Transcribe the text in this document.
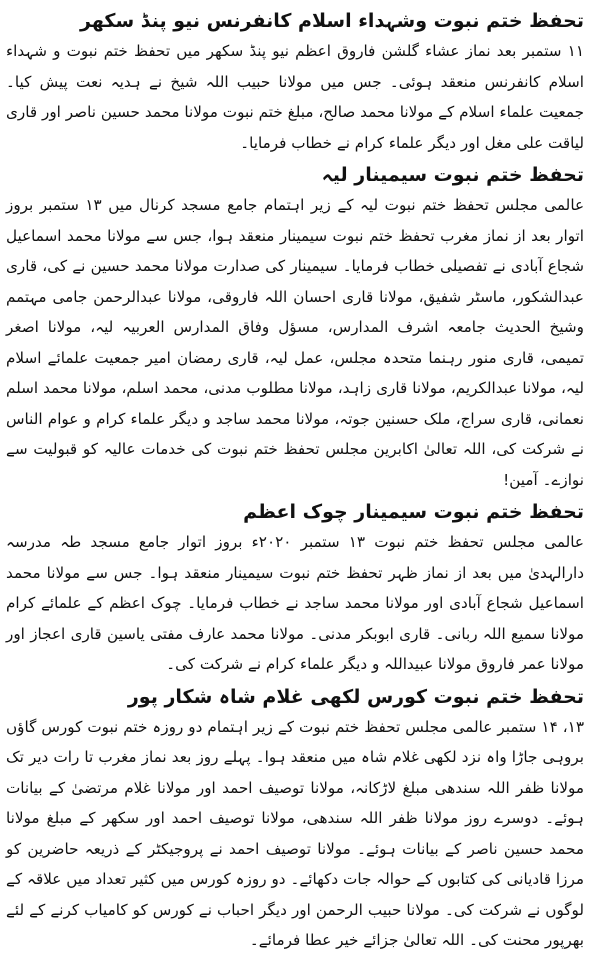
تحفظ ختم نبوت وشہداء اسلام کانفرنس نیو پنڈ سکھر

۱۱ ستمبر بعد نماز عشاء گلشن فاروق اعظم نیو پنڈ سکھر میں تحفظ ختم نبوت و شہداء اسلام کانفرنس منعقد ہوئی۔ جس میں مولانا حبیب اللہ شیخ نے ہدیہ نعت پیش کیا۔ جمعیت علماء اسلام کے مولانا محمد صالح، مبلغ ختم نبوت مولانا محمد حسین ناصر اور قاری لیاقت علی مغل اور دیگر علماء کرام نے خطاب فرمایا۔

تحفظ ختم نبوت سیمینار لیہ

عالمی مجلس تحفظ ختم نبوت لیہ کے زیر اہتمام جامع مسجد کرنال میں ۱۳ ستمبر بروز اتوار بعد از نماز مغرب تحفظ ختم نبوت سیمینار منعقد ہوا، جس سے مولانا محمد اسماعیل شجاع آبادی نے تفصیلی خطاب فرمایا۔ سیمینار کی صدارت مولانا محمد حسین نے کی، قاری عبدالشکور، ماسٹر شفیق، مولانا قاری احسان اللہ فاروقی، مولانا عبدالرحمن جامی مہتمم وشیخ الحدیث جامعہ اشرف المدارس، مسؤل وفاق المدارس العربیہ لیہ، مولانا اصغر تمیمی، قاری منور رہنما متحدہ مجلس، عمل لیہ، قاری رمضان امیر جمعیت علمائے اسلام لیہ، مولانا عبدالکریم، مولانا قاری زاہد، مولانا مطلوب مدنی، محمد اسلم، مولانا محمد اسلم نعمانی، قاری سراج، ملک حسنین جوتہ، مولانا محمد ساجد و دیگر علماء کرام و عوام الناس نے شرکت کی، اللہ تعالیٰ اکابرین مجلس تحفظ ختم نبوت کی خدمات عالیہ کو قبولیت سے نوازے۔ آمین!

تحفظ ختم نبوت سیمینار چوک اعظم

عالمی مجلس تحفظ ختم نبوت ۱۳ ستمبر ۲۰۲۰ء بروز اتوار جامع مسجد طہ مدرسہ دارالہدیٰ میں بعد از نماز ظہر تحفظ ختم نبوت سیمینار منعقد ہوا۔ جس سے مولانا محمد اسماعیل شجاع آبادی اور مولانا محمد ساجد نے خطاب فرمایا۔ چوک اعظم کے علمائے کرام مولانا سمیع اللہ ربانی۔ قاری ابوبکر مدنی۔ مولانا محمد عارف مفتی یاسین قاری اعجاز اور مولانا عمر فاروق مولانا عبیداللہ و دیگر علماء کرام نے شرکت کی۔

تحفظ ختم نبوت کورس لکھی غلام شاہ شکار پور

۱۳، ۱۴ ستمبر عالمی مجلس تحفظ ختم نبوت کے زیر اہتمام دو روزہ ختم نبوت کورس گاؤں بروہی جاڑا واہ نزد لکھی غلام شاہ میں منعقد ہوا۔ پہلے روز بعد نماز مغرب تا رات دیر تک مولانا ظفر اللہ سندھی مبلغ لاڑکانہ، مولانا توصیف احمد اور مولانا غلام مرتضیٰ کے بیانات ہوئے۔ دوسرے روز مولانا ظفر اللہ سندھی، مولانا توصیف احمد اور سکھر کے مبلغ مولانا محمد حسین ناصر کے بیانات ہوئے۔ مولانا توصیف احمد نے پروجیکٹر کے ذریعہ حاضرین کو مرزا قادیانی کی کتابوں کے حوالہ جات دکھائے۔ دو روزہ کورس میں کثیر تعداد میں علاقہ کے لوگوں نے شرکت کی۔ مولانا حبیب الرحمن اور دیگر احباب نے کورس کو کامیاب کرنے کے لئے بھرپور محنت کی۔ اللہ تعالیٰ جزائے خیر عطا فرمائے۔
